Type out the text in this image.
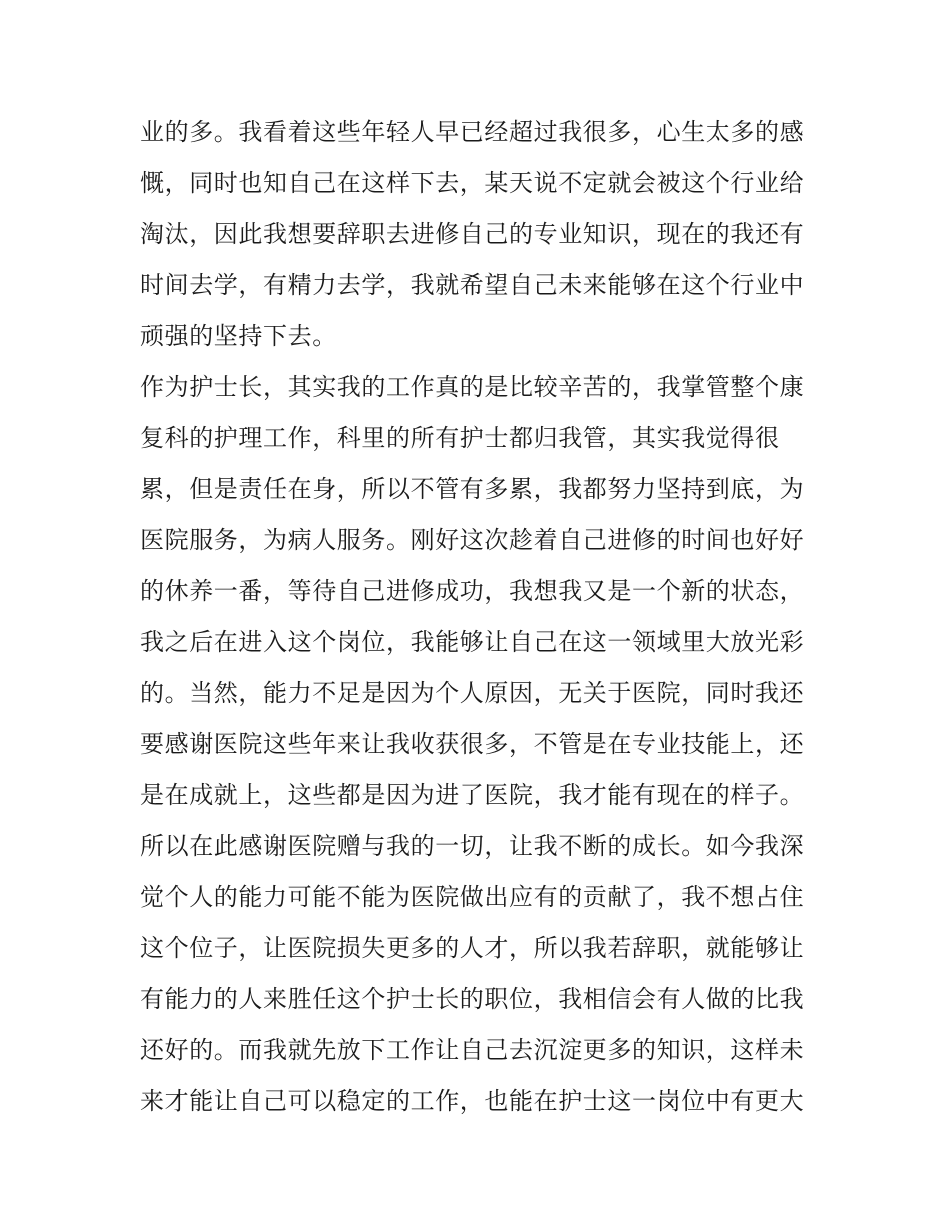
业的多。我看着这些年轻人早已经超过我很多，心生太多的感
慨，同时也知自己在这样下去，某天说不定就会被这个行业给
淘汰，因此我想要辞职去进修自己的专业知识，现在的我还有
时间去学，有精力去学，我就希望自己未来能够在这个行业中
顽强的坚持下去。
作为护士长，其实我的工作真的是比较辛苦的，我掌管整个康
复科的护理工作，科里的所有护士都归我管，其实我觉得很
累，但是责任在身，所以不管有多累，我都努力坚持到底，为
医院服务，为病人服务。刚好这次趁着自己进修的时间也好好
的休养一番，等待自己进修成功，我想我又是一个新的状态，
我之后在进入这个岗位，我能够让自己在这一领域里大放光彩
的。当然，能力不足是因为个人原因，无关于医院，同时我还
要感谢医院这些年来让我收获很多，不管是在专业技能上，还
是在成就上，这些都是因为进了医院，我才能有现在的样子。
所以在此感谢医院赠与我的一切，让我不断的成长。如今我深
觉个人的能力可能不能为医院做出应有的贡献了，我不想占住
这个位子，让医院损失更多的人才，所以我若辞职，就能够让
有能力的人来胜任这个护士长的职位，我相信会有人做的比我
还好的。而我就先放下工作让自己去沉淀更多的知识，这样未
来才能让自己可以稳定的工作，也能在护士这一岗位中有更大
